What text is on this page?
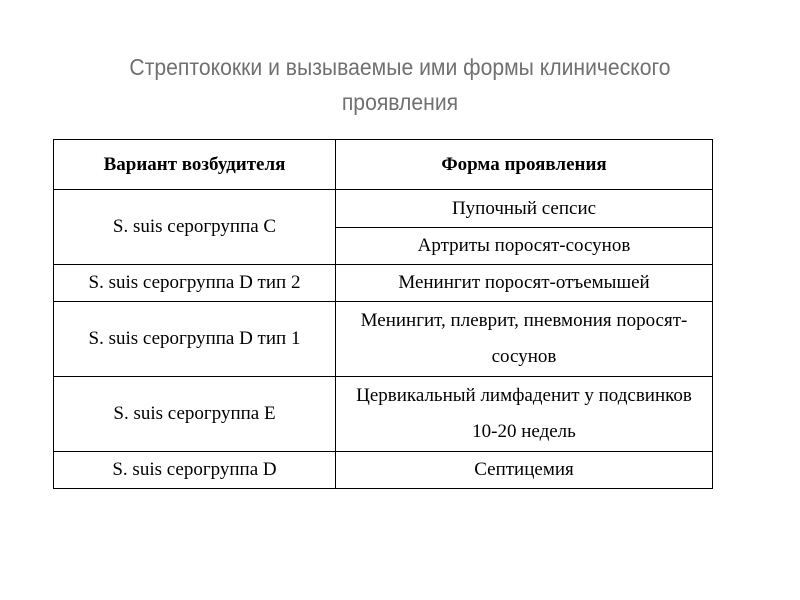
Стрептококки и вызываемые ими формы клинического проявления
Вариант возбудителя	Форма проявления
S. suis серогруппа С	Пупочный сепсис
	Артриты поросят-сосунов
S. suis серогруппа D тип 2	Менингит поросят-отъемышей
S. suis серогруппа D тип 1	Менингит, плеврит, пневмония поросят-сосунов
S. suis серогруппа E	Цервикальный лимфаденит у подсвинков 10-20 недель
S. suis серогруппа D	Септицемия
